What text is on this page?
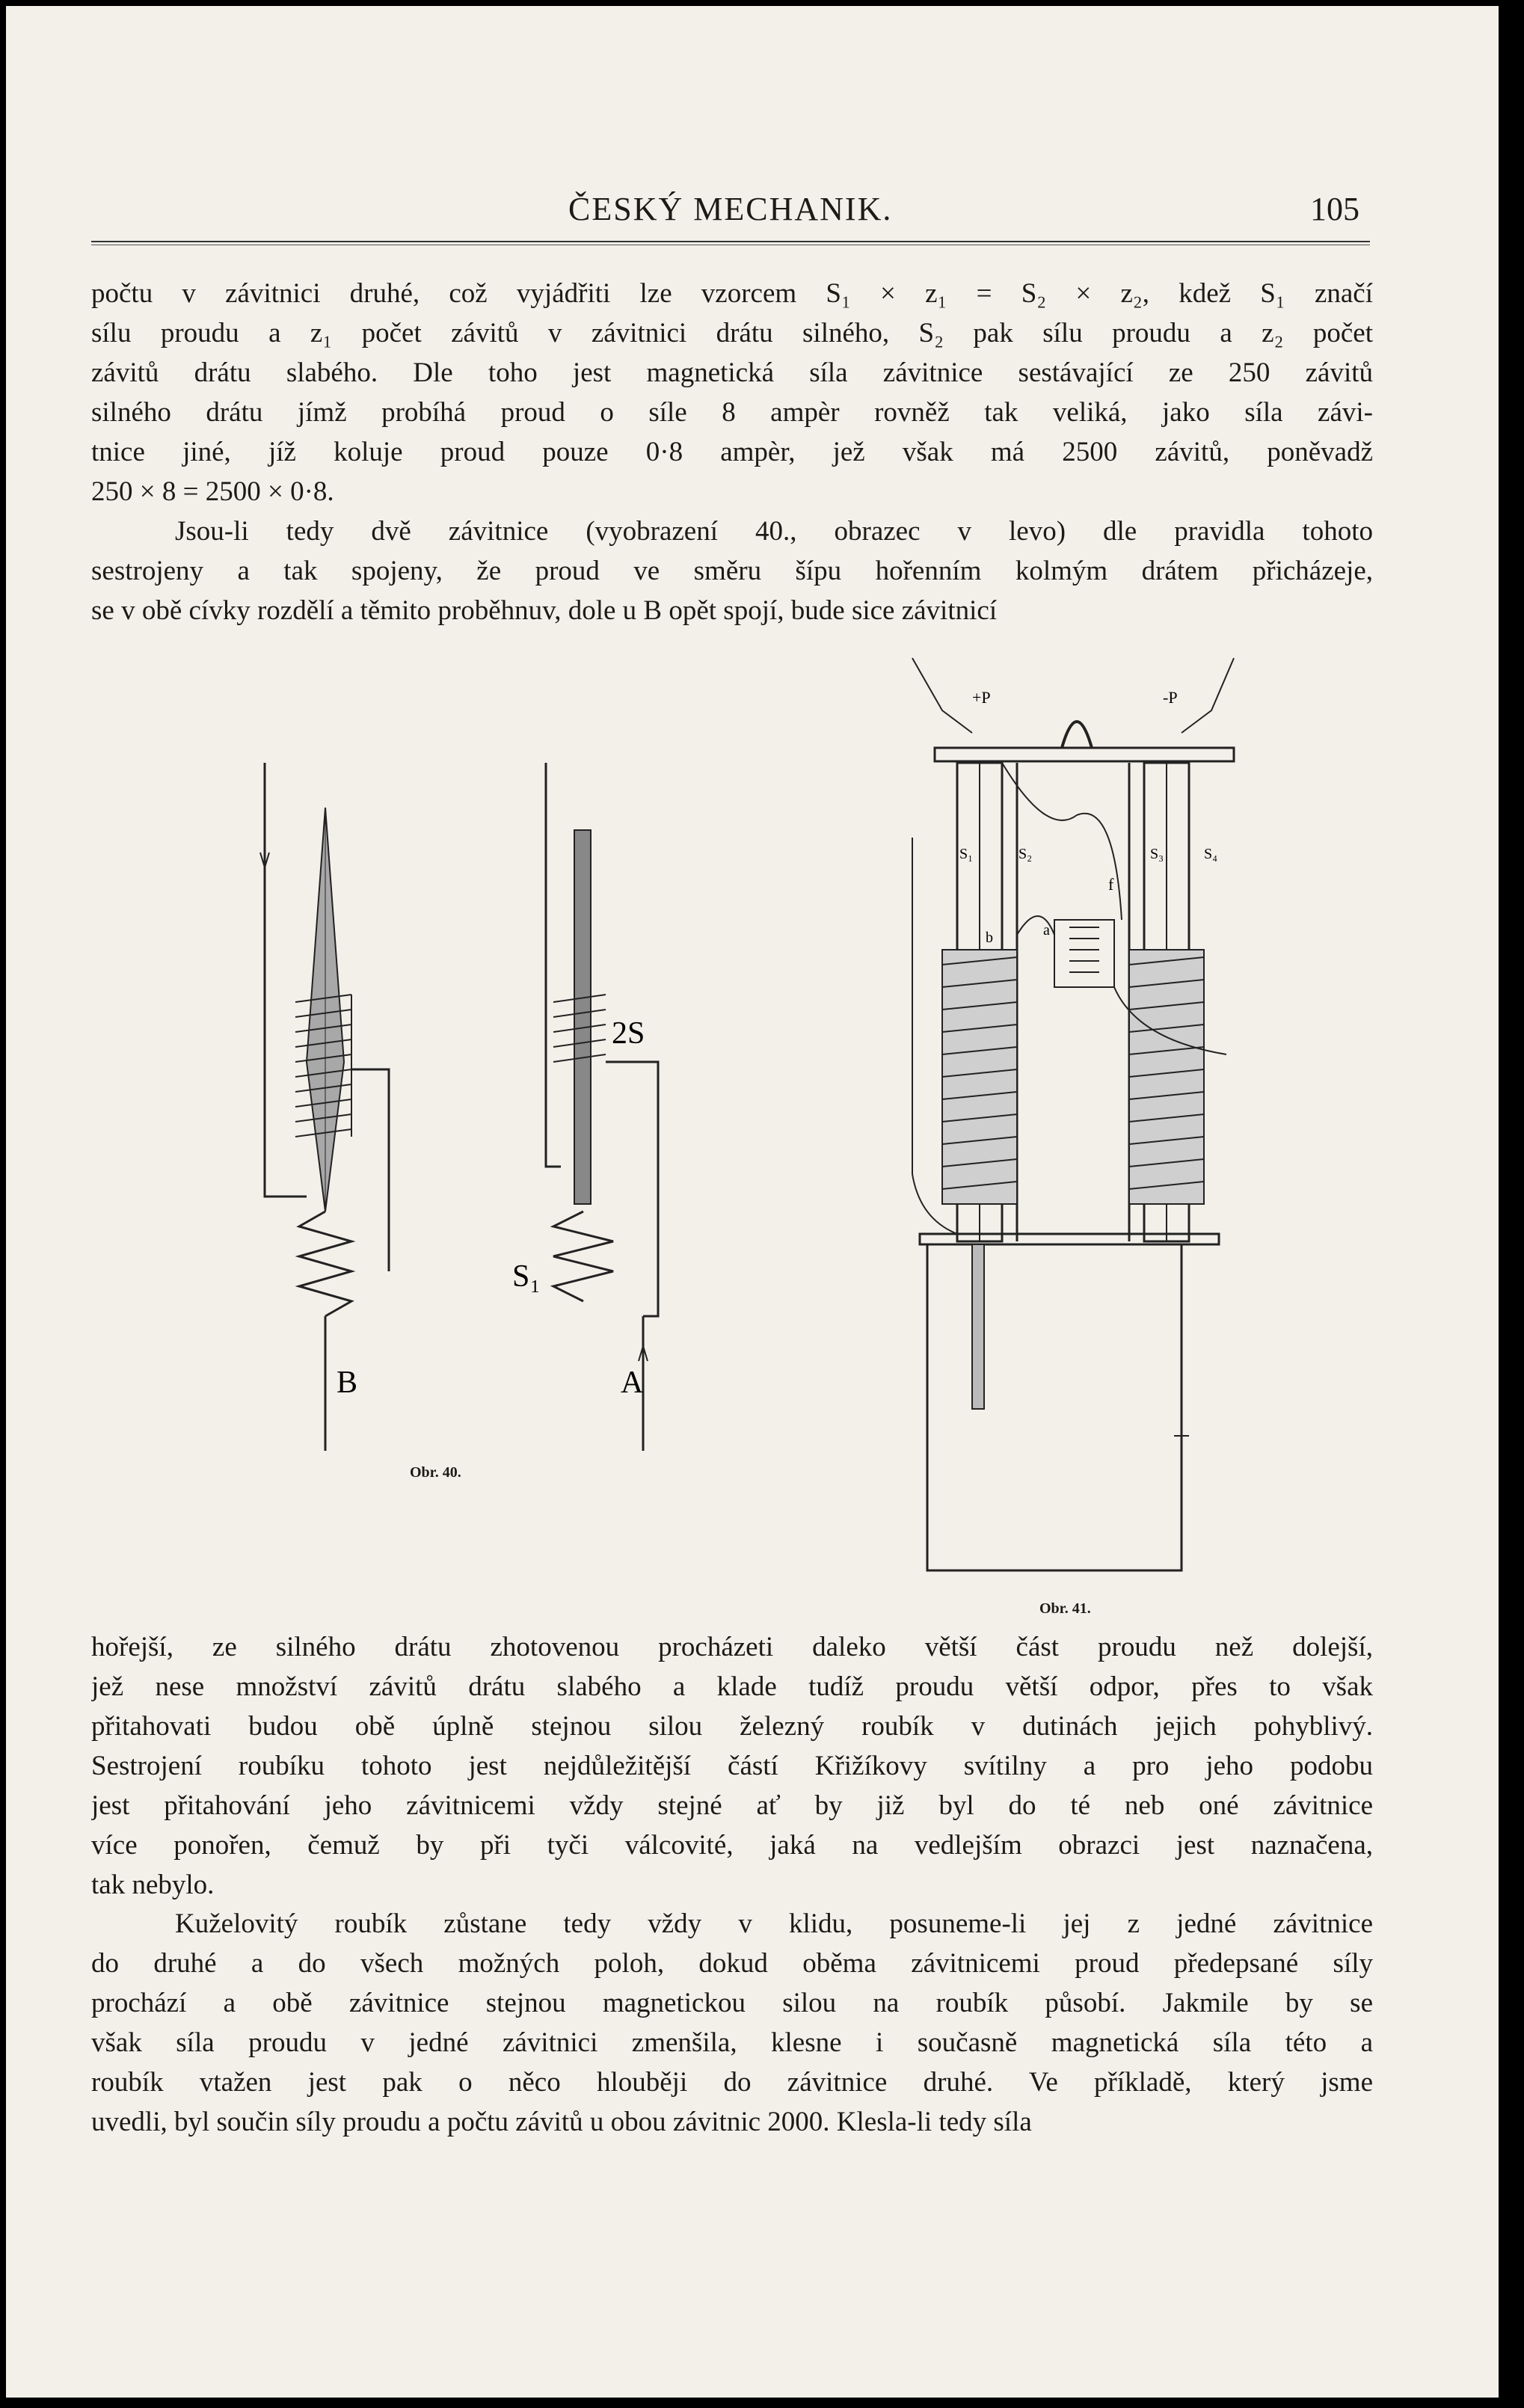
ČESKÝ MECHANIK.	105
počtu v závitnici druhé, což vyjádřiti lze vzorcem S₁ × z₁ = S₂ × z₂, kdež S₁ značí
sílu proudu a z₁ počet závitů v závitnici drátu silného, S₂ pak sílu proudu a z₂ počet
závitů drátu slabého. Dle toho jest magnetická síla závitnice sestávající ze 250 závitů
silného drátu jímž probíhá proud o síle 8 ampèr rovněž tak veliká, jako síla závi-
tnice jiné, jíž koluje proud pouze 0·8 ampèr, jež však má 2500 závitů, poněvadž
250 × 8 = 2500 × 0·8.
Jsou-li tedy dvě závitnice (vyobrazení 40., obrazec v levo) dle pravidla tohoto
sestrojeny a tak spojeny, že proud ve směru šípu hořenním kolmým drátem přicházeje,
se v obě cívky rozdělí a těmito proběhnuv, dole u B opět spojí, bude sice závitnicí
B
2S
S₁
A
Obr. 40.
+P	-P
S₁	S₂	S₃	S₄
f
a
b
Obr. 41.
hořejší, ze silného drátu zhotovenou procházeti daleko větší část proudu než dolejší,
jež nese množství závitů drátu slabého a klade tudíž proudu větší odpor, přes to však
přitahovati budou obě úplně stejnou silou železný roubík v dutinách jejich pohyblivý.
Sestrojení roubíku tohoto jest nejdůležitější částí Křižíkovy svítilny a pro jeho podobu
jest přitahování jeho závitnicemi vždy stejné ať by již byl do té neb oné závitnice
více ponořen, čemuž by při tyči válcovité, jaká na vedlejším obrazci jest naznačena,
tak nebylo.
Kuželovitý roubík zůstane tedy vždy v klidu, posuneme-li jej z jedné závitnice
do druhé a do všech možných poloh, dokud oběma závitnicemi proud předepsané síly
prochází a obě závitnice stejnou magnetickou silou na roubík působí. Jakmile by se
však síla proudu v jedné závitnici zmenšila, klesne i současně magnetická síla této a
roubík vtažen jest pak o něco hlouběji do závitnice druhé. Ve příkladě, který jsme
uvedli, byl součin síly proudu a počtu závitů u obou závitnic 2000. Klesla-li tedy síla
